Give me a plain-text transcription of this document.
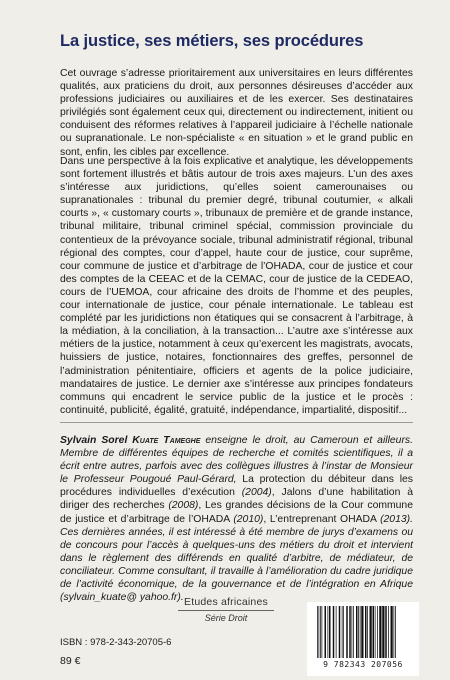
La justice, ses métiers, ses procédures

Cet ouvrage s’adresse prioritairement aux universitaires en leurs différentes qualités, aux praticiens du droit, aux personnes désireuses d’accéder aux professions judiciaires ou auxiliaires et de les exercer. Ses destinataires privilégiés sont également ceux qui, directement ou indirectement, initient ou conduisent des réformes relatives à l’appareil judiciaire à l’échelle nationale ou supranationale. Le non-spécialiste « en situation » et le grand public en sont, enfin, les cibles par excellence.

Dans une perspective à la fois explicative et analytique, les développements sont fortement illustrés et bâtis autour de trois axes majeurs. L’un des axes s’intéresse aux juridictions, qu’elles soient camerounaises ou supranationales : tribunal du premier degré, tribunal coutumier, « alkali courts », « customary courts », tribunaux de première et de grande instance, tribunal militaire, tribunal criminel spécial, commission provinciale du contentieux de la prévoyance sociale, tribunal administratif régional, tribunal régional des comptes, cour d’appel, haute cour de justice, cour suprême, cour commune de justice et d’arbitrage de l’OHADA, cour de justice et cour des comptes de la CEEAC et de la CEMAC, cour de justice de la CEDEAO, cours de l’UEMOA, cour africaine des droits de l’homme et des peuples, cour internationale de justice, cour pénale internationale. Le tableau est complété par les juridictions non étatiques qui se consacrent à l’arbitrage, à la médiation, à la conciliation, à la transaction... L’autre axe s’intéresse aux métiers de la justice, notamment à ceux qu’exercent les magistrats, avocats, huissiers de justice, notaires, fonctionnaires des greffes, personnel de l’administration pénitentiaire, officiers et agents de la police judiciaire, mandataires de justice. Le dernier axe s’intéresse aux principes fondateurs communs qui encadrent le service public de la justice et le procès : continuité, publicité, égalité, gratuité, indépendance, impartialité, dispositif...

Sylvain Sorel Kuate Tameghe enseigne le droit, au Cameroun et ailleurs. Membre de différentes équipes de recherche et comités scientifiques, il a écrit entre autres, parfois avec des collègues illustres à l’instar de Monsieur le Professeur Pougoué Paul-Gérard, La protection du débiteur dans les procédures individuelles d’exécution (2004), Jalons d’une habilitation à diriger des recherches (2008), Les grandes décisions de la Cour commune de justice et d’arbitrage de l’OHADA (2010), L’entreprenant OHADA (2013). Ces dernières années, il est intéressé à été membre de jurys d’examens ou de concours pour l’accès à quelques-uns des métiers du droit et intervient dans le règlement des différends en qualité d’arbitre, de médiateur, de conciliateur. Comme consultant, il travaille à l’amélioration du cadre juridique de l’activité économique, de la gouvernance et de l’intégration en Afrique (sylvain_kuate@ yahoo.fr). Etudes africaines
Série Droit
ISBN : 978-2-343-20705-6
89 €	9 782343 207056
